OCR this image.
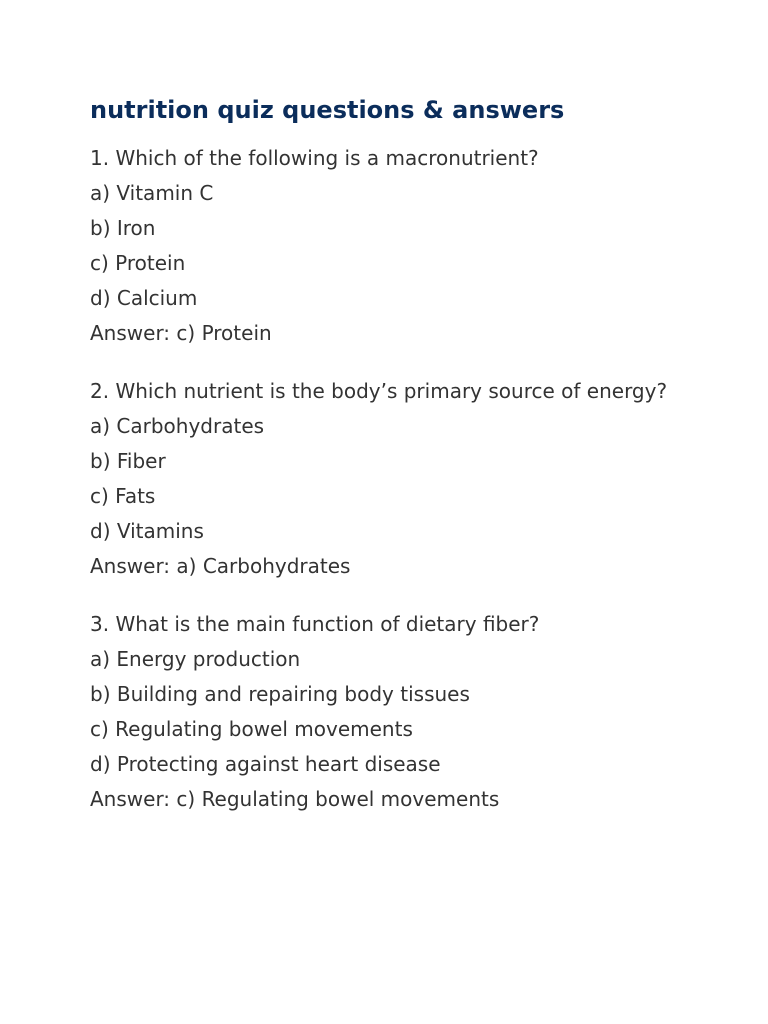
nutrition quiz questions & answers
1. Which of the following is a macronutrient?
a) Vitamin C
b) Iron
c) Protein
d) Calcium
Answer: c) Protein
2. Which nutrient is the body’s primary source of energy?
a) Carbohydrates
b) Fiber
c) Fats
d) Vitamins
Answer: a) Carbohydrates
3. What is the main function of dietary fiber?
a) Energy production
b) Building and repairing body tissues
c) Regulating bowel movements
d) Protecting against heart disease
Answer: c) Regulating bowel movements
